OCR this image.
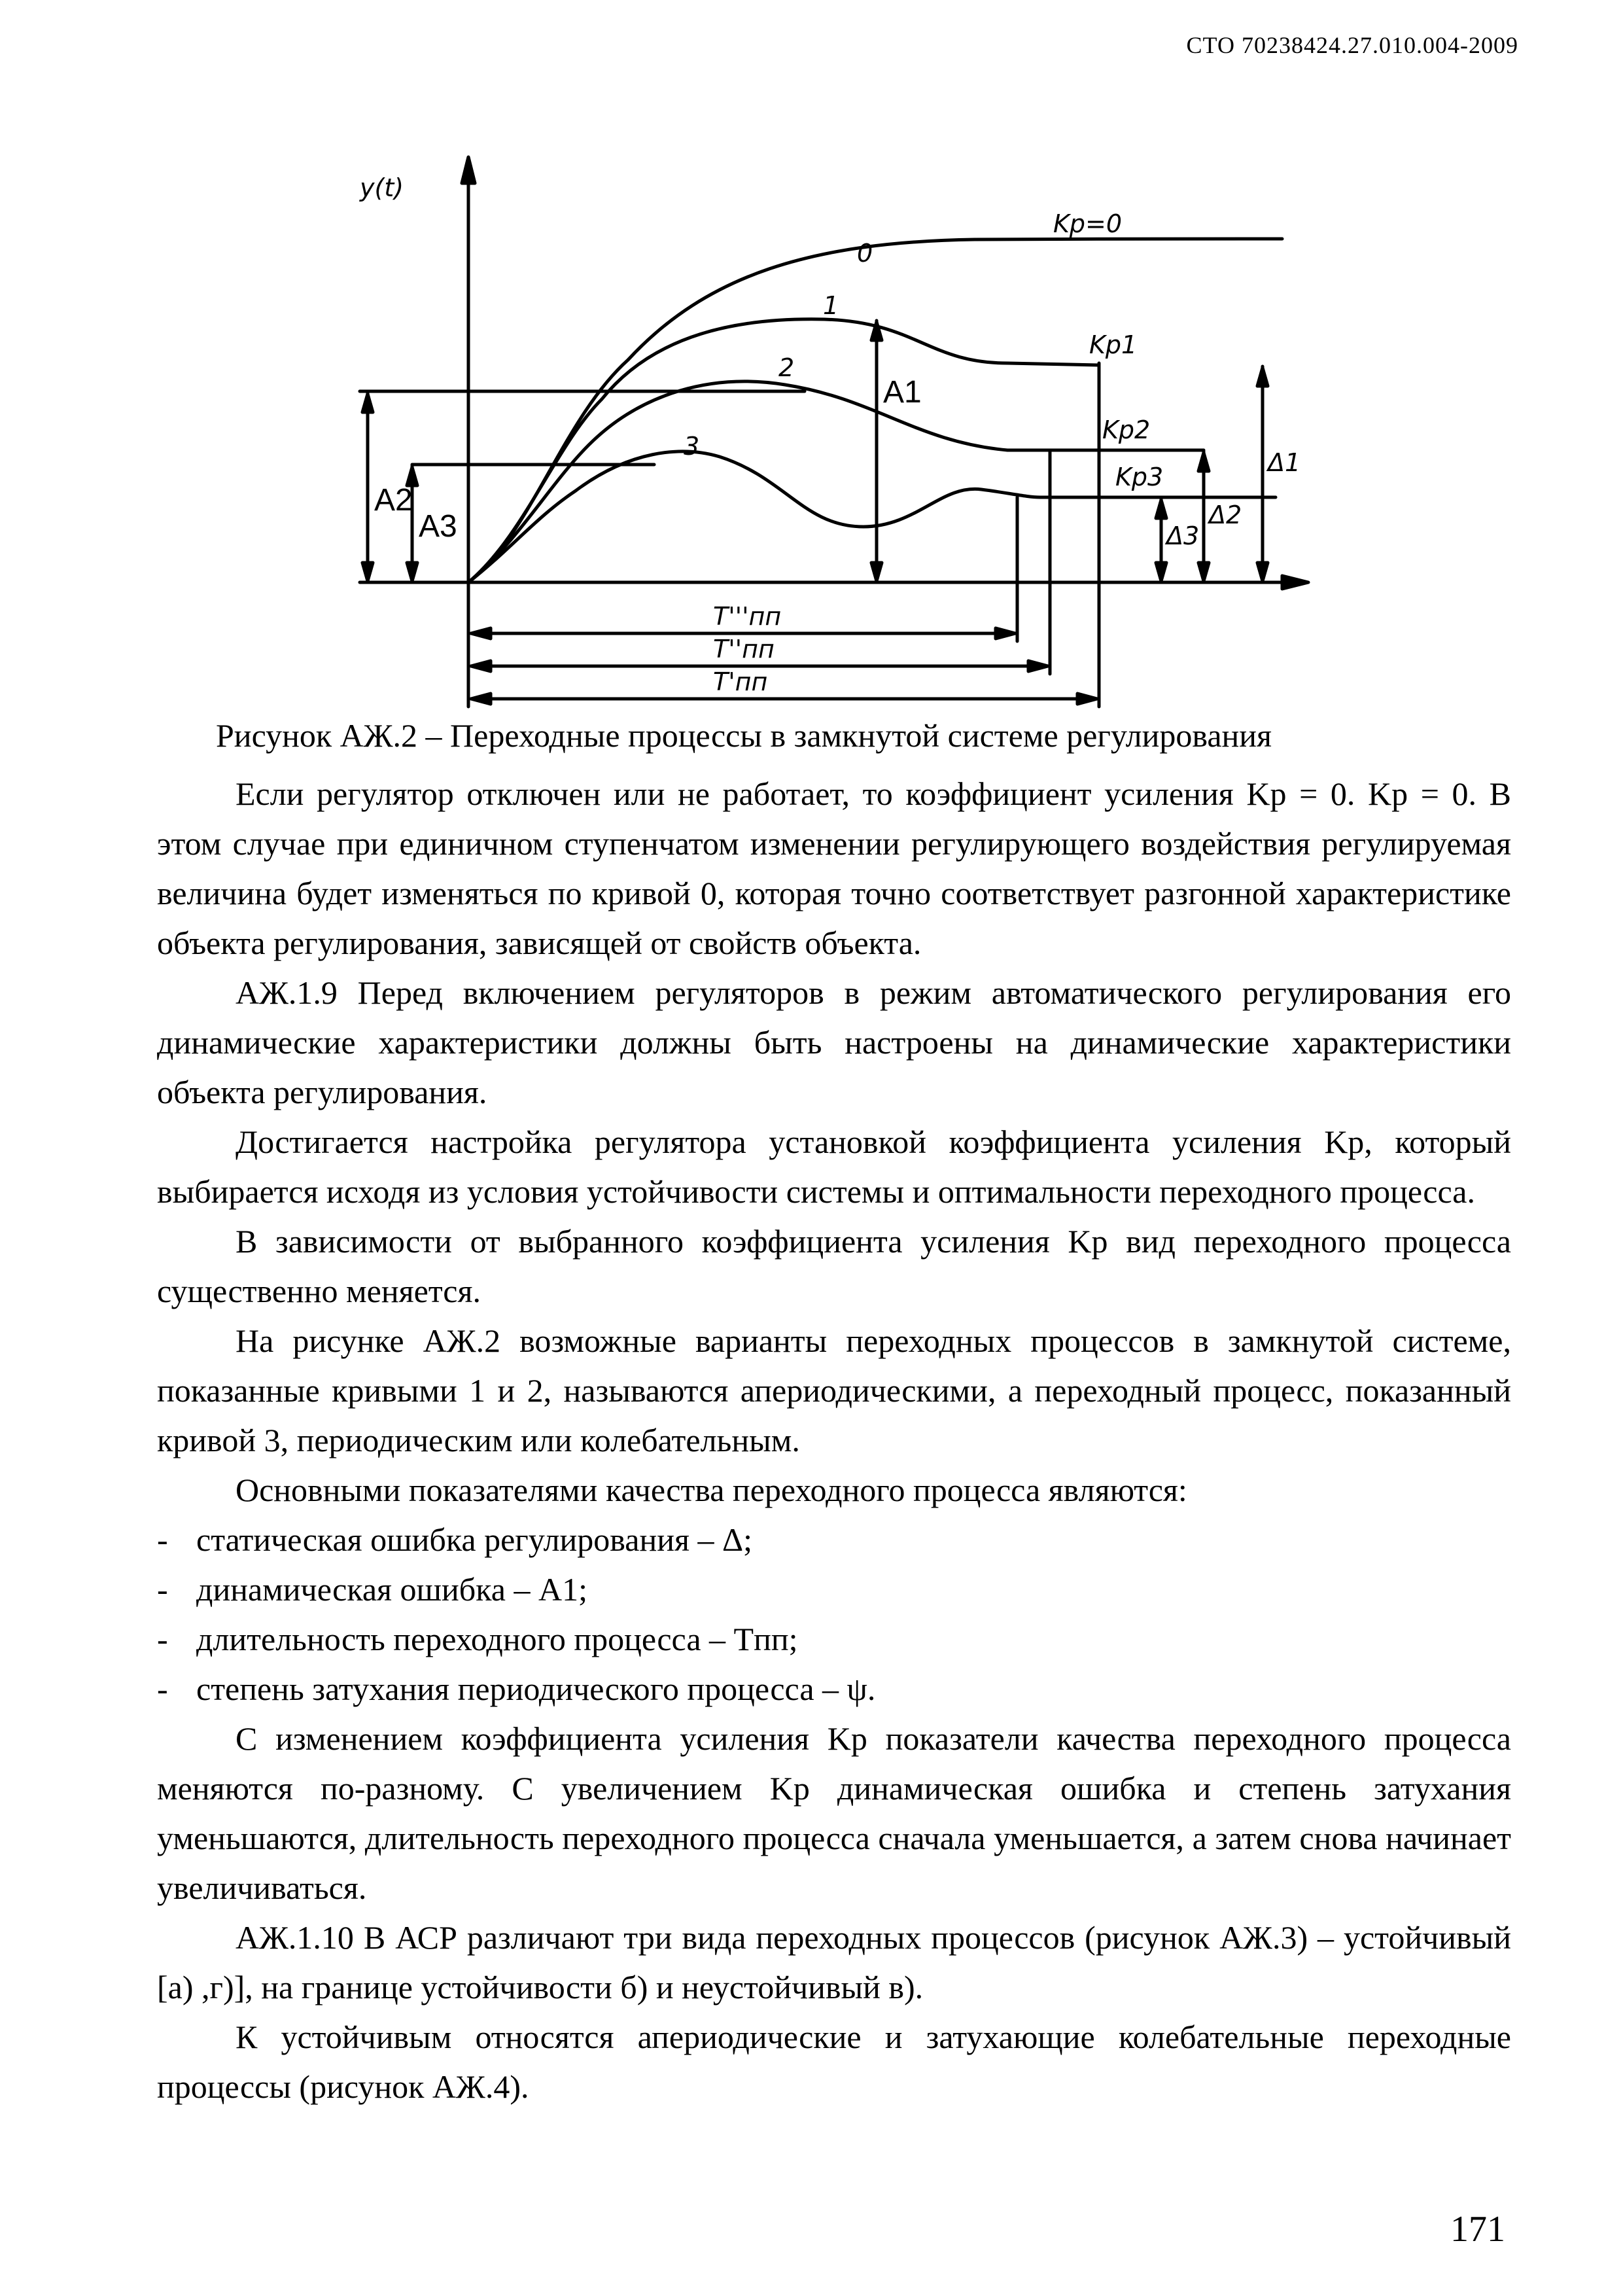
СТО 70238424.27.010.004-2009
y(t)
0
1
2
3
Kp=0
Kp1
Kp2
Kp3
A1
A2
A3
Δ1
Δ2
Δ3
T'''пп
T''пп
T'пп
Рисунок АЖ.2 – Переходные процессы в замкнутой системе регулирования

Если регулятор отключен или не работает, то коэффициент усиления Kр = 0. Kр = 0. В этом случае при единичном ступенчатом изменении регулирующего воздействия регулируемая величина будет изменяться по кривой 0, которая точно соответствует разгонной характеристике объекта регулирования, зависящей от свойств объекта.

АЖ.1.9 Перед включением регуляторов в режим автоматического регулирования его динамические характеристики должны быть настроены на динамические характеристики объекта регулирования.

Достигается настройка регулятора установкой коэффициента усиления Kр, который выбирается исходя из условия устойчивости системы и оптимальности переходного процесса.

В зависимости от выбранного коэффициента усиления Kр вид переходного процесса существенно меняется.

На рисунке АЖ.2 возможные варианты переходных процессов в замкнутой системе, показанные кривыми 1 и 2, называются апериодическими, а переходный процесс, показанный кривой 3, периодическим или колебательным.

Основными показателями качества переходного процесса являются:

- статическая ошибка регулирования – Δ;
- динамическая ошибка – A1;
- длительность переходного процесса – Tпп;
- степень затухания периодического процесса – ψ.

С изменением коэффициента усиления Kр показатели качества переходного процесса меняются по-разному. С увеличением Kр динамическая ошибка и степень затухания уменьшаются, длительность переходного процесса сначала уменьшается, а затем снова начинает увеличиваться.

АЖ.1.10 В АСР различают три вида переходных процессов (рисунок АЖ.3) – устойчивый [а) ,г)], на границе устойчивости б) и неустойчивый в).

К устойчивым относятся апериодические и затухающие колебательные переходные процессы (рисунок АЖ.4).

171
